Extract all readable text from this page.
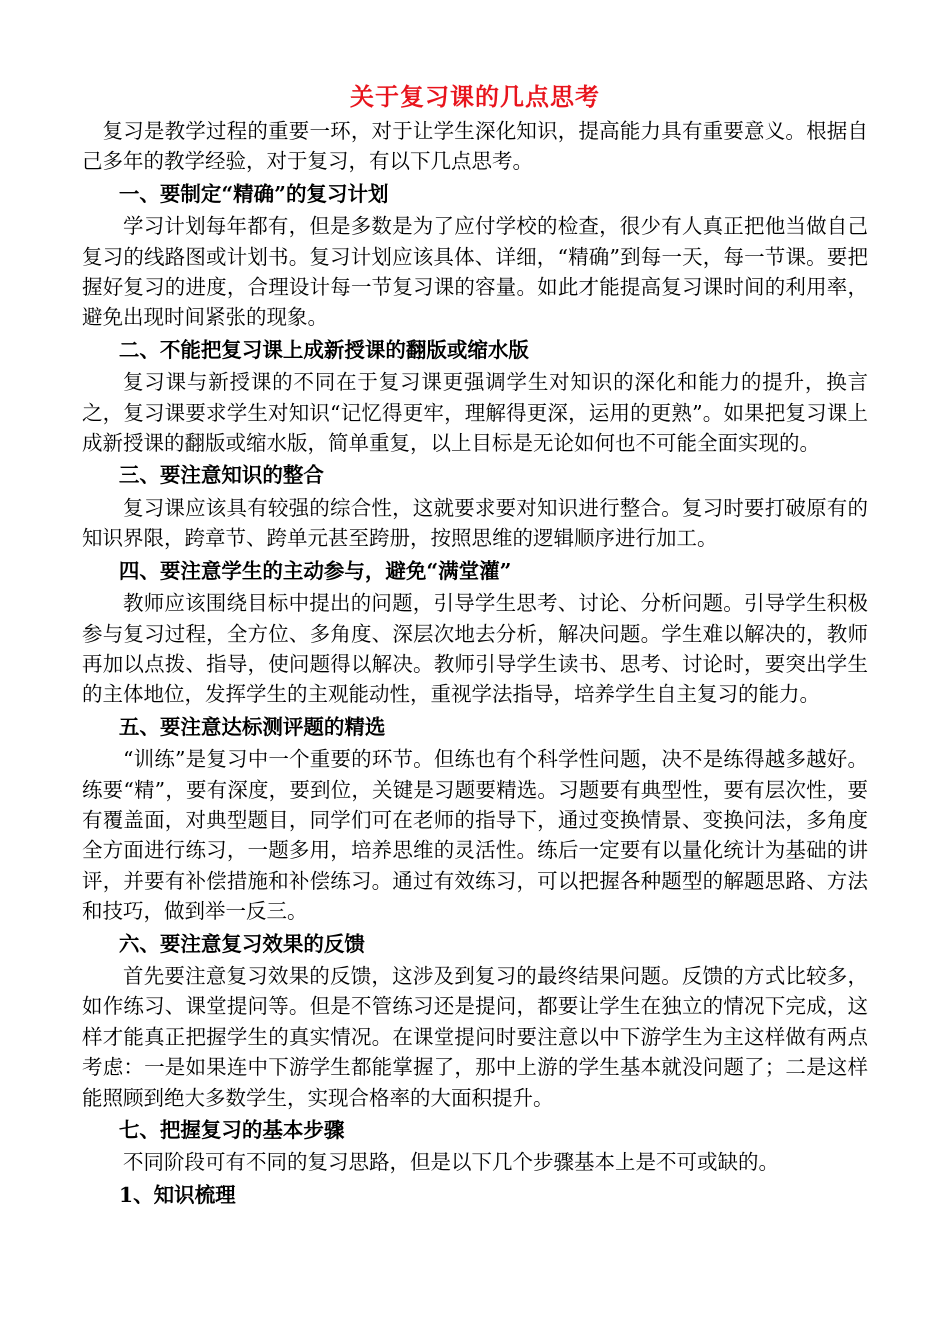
关于复习课的几点思考

复习是教学过程的重要一环，对于让学生深化知识，提高能力具有重要意义。根据自己多年的教学经验，对于复习，有以下几点思考。

一、要制定“精确”的复习计划

学习计划每年都有，但是多数是为了应付学校的检查，很少有人真正把他当做自己复习的线路图或计划书。复习计划应该具体、详细，“精确”到每一天，每一节课。要把握好复习的进度，合理设计每一节复习课的容量。如此才能提高复习课时间的利用率，避免出现时间紧张的现象。

二、不能把复习课上成新授课的翻版或缩水版

复习课与新授课的不同在于复习课更强调学生对知识的深化和能力的提升，换言之，复习课要求学生对知识“记忆得更牢，理解得更深，运用的更熟”。如果把复习课上成新授课的翻版或缩水版，简单重复，以上目标是无论如何也不可能全面实现的。

三、要注意知识的整合

复习课应该具有较强的综合性，这就要求要对知识进行整合。复习时要打破原有的知识界限，跨章节、跨单元甚至跨册，按照思维的逻辑顺序进行加工。

四、要注意学生的主动参与，避免“满堂灌”

教师应该围绕目标中提出的问题，引导学生思考、讨论、分析问题。引导学生积极参与复习过程，全方位、多角度、深层次地去分析，解决问题。学生难以解决的，教师再加以点拨、指导，使问题得以解决。教师引导学生读书、思考、讨论时，要突出学生的主体地位，发挥学生的主观能动性，重视学法指导，培养学生自主复习的能力。

五、要注意达标测评题的精选

“训练”是复习中一个重要的环节。但练也有个科学性问题，决不是练得越多越好。练要“精”，要有深度，要到位，关键是习题要精选。习题要有典型性，要有层次性，要有覆盖面，对典型题目，同学们可在老师的指导下，通过变换情景、变换问法，多角度全方面进行练习，一题多用，培养思维的灵活性。练后一定要有以量化统计为基础的讲评，并要有补偿措施和补偿练习。通过有效练习，可以把握各种题型的解题思路、方法和技巧，做到举一反三。

六、要注意复习效果的反馈

首先要注意复习效果的反馈，这涉及到复习的最终结果问题。反馈的方式比较多，如作练习、课堂提问等。但是不管练习还是提问，都要让学生在独立的情况下完成，这样才能真正把握学生的真实情况。在课堂提问时要注意以中下游学生为主这样做有两点考虑：一是如果连中下游学生都能掌握了，那中上游的学生基本就没问题了；二是这样能照顾到绝大多数学生，实现合格率的大面积提升。

七、把握复习的基本步骤

不同阶段可有不同的复习思路，但是以下几个步骤基本上是不可或缺的。

1、知识梳理
